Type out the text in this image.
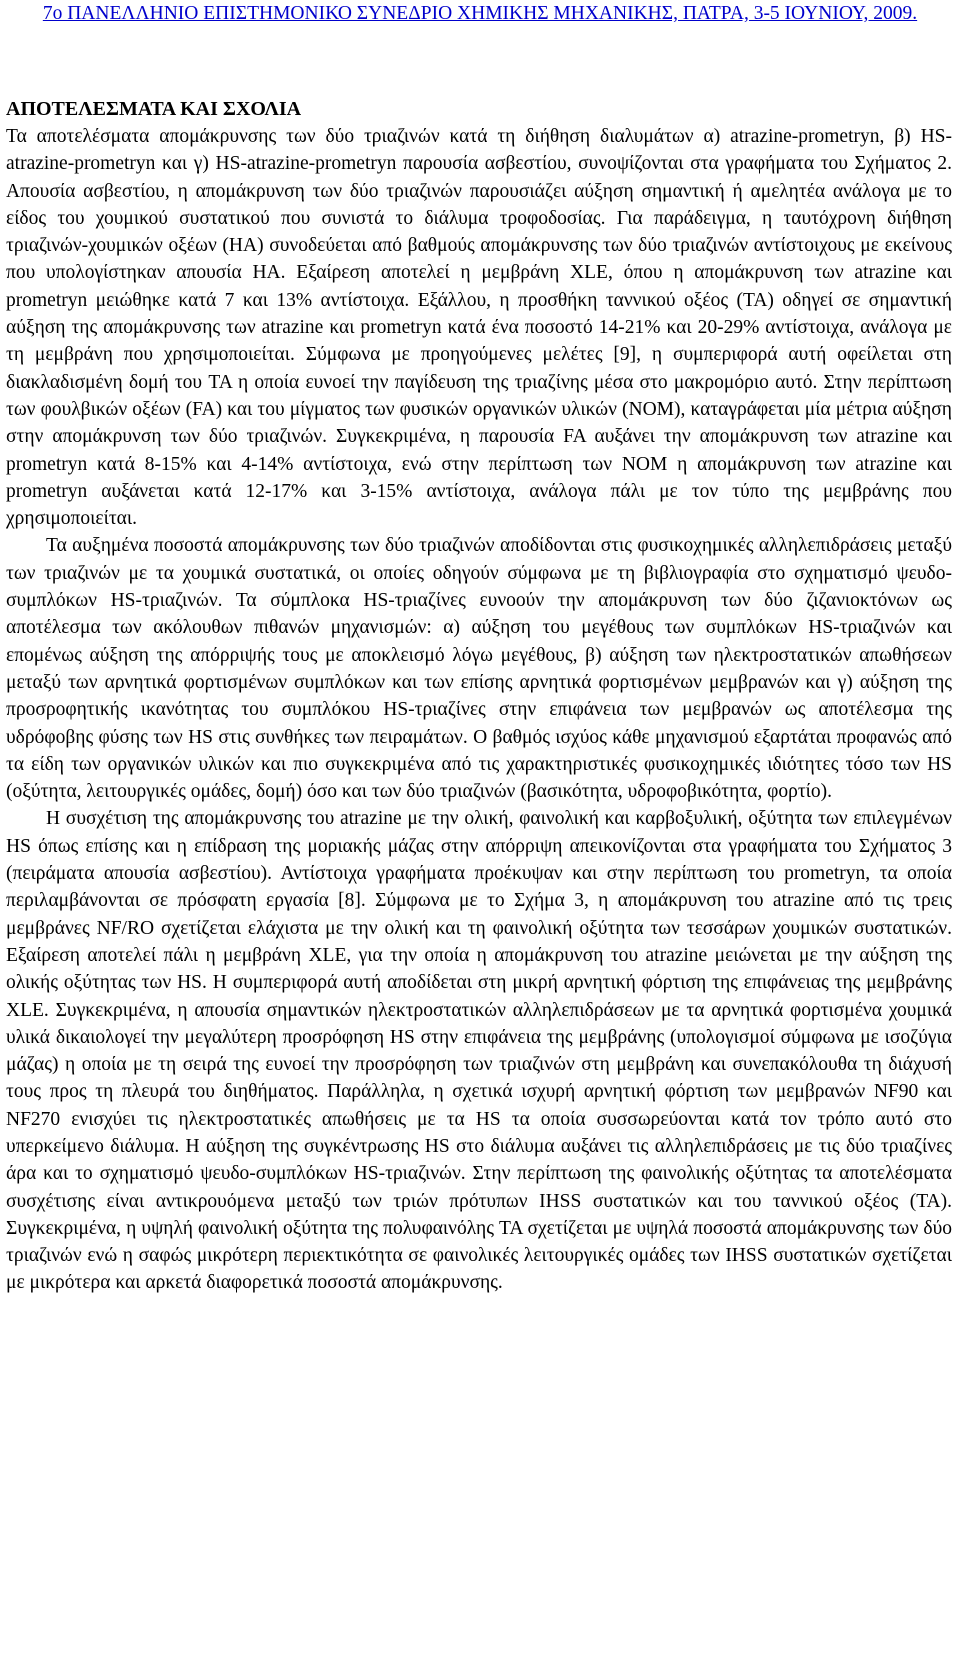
7ο ΠΑΝΕΛΛΗΝΙΟ ΕΠΙΣΤΗΜΟΝΙΚΟ ΣΥΝΕΔΡΙΟ ΧΗΜΙΚΗΣ ΜΗΧΑΝΙΚΗΣ, ΠΑΤΡΑ, 3-5 ΙΟΥΝΙΟΥ, 2009.
ΑΠΟΤΕΛΕΣΜΑΤΑ ΚΑΙ ΣΧΟΛΙΑ

Τα αποτελέσματα απομάκρυνσης των δύο τριαζινών κατά τη διήθηση διαλυμάτων α) atrazine-prometryn, β) HS-atrazine-prometryn και γ) HS-atrazine-prometryn παρουσία ασβεστίου, συνοψίζονται στα γραφήματα του Σχήματος 2. Απουσία ασβεστίου, η απομάκρυνση των δύο τριαζινών παρουσιάζει αύξηση σημαντική ή αμελητέα ανάλογα με το είδος του χουμικού συστατικού που συνιστά το διάλυμα τροφοδοσίας. Για παράδειγμα, η ταυτόχρονη διήθηση τριαζινών-χουμικών οξέων (HA) συνοδεύεται από βαθμούς απομάκρυνσης των δύο τριαζινών αντίστοιχους με εκείνους που υπολογίστηκαν απουσία HA. Εξαίρεση αποτελεί η μεμβράνη XLE, όπου η απομάκρυνση των atrazine και prometryn μειώθηκε κατά 7 και 13% αντίστοιχα. Εξάλλου, η προσθήκη ταννικού οξέος (TA) οδηγεί σε σημαντική αύξηση της απομάκρυνσης των atrazine και prometryn κατά ένα ποσοστό 14-21% και 20-29% αντίστοιχα, ανάλογα με τη μεμβράνη που χρησιμοποιείται. Σύμφωνα με προηγούμενες μελέτες [9], η συμπεριφορά αυτή οφείλεται στη διακλαδισμένη δομή του TA η οποία ευνοεί την παγίδευση της τριαζίνης μέσα στο μακρομόριο αυτό. Στην περίπτωση των φουλβικών οξέων (FA) και του μίγματος των φυσικών οργανικών υλικών (NOM), καταγράφεται μία μέτρια αύξηση στην απομάκρυνση των δύο τριαζινών. Συγκεκριμένα, η παρουσία FA αυξάνει την απομάκρυνση των atrazine και prometryn κατά 8-15% και 4-14% αντίστοιχα, ενώ στην περίπτωση των NOM η απομάκρυνση των atrazine και prometryn αυξάνεται κατά 12-17% και 3-15% αντίστοιχα, ανάλογα πάλι με τον τύπο της μεμβράνης που χρησιμοποιείται.

Τα αυξημένα ποσοστά απομάκρυνσης των δύο τριαζινών αποδίδονται στις φυσικοχημικές αλληλεπιδράσεις μεταξύ των τριαζινών με τα χουμικά συστατικά, οι οποίες οδηγούν σύμφωνα με τη βιβλιογραφία στο σχηματισμό ψευδο-συμπλόκων HS-τριαζινών. Τα σύμπλοκα HS-τριαζίνες ευνοούν την απομάκρυνση των δύο ζιζανιοκτόνων ως αποτέλεσμα των ακόλουθων πιθανών μηχανισμών: α) αύξηση του μεγέθους των συμπλόκων HS-τριαζινών και επομένως αύξηση της απόρριψής τους με αποκλεισμό λόγω μεγέθους, β) αύξηση των ηλεκτροστατικών απωθήσεων μεταξύ των αρνητικά φορτισμένων συμπλόκων και των επίσης αρνητικά φορτισμένων μεμβρανών και γ) αύξηση της προσροφητικής ικανότητας του συμπλόκου HS-τριαζίνες στην επιφάνεια των μεμβρανών ως αποτέλεσμα της υδρόφοβης φύσης των HS στις συνθήκες των πειραμάτων. Ο βαθμός ισχύος κάθε μηχανισμού εξαρτάται προφανώς από τα είδη των οργανικών υλικών και πιο συγκεκριμένα από τις χαρακτηριστικές φυσικοχημικές ιδιότητες τόσο των HS (οξύτητα, λειτουργικές ομάδες, δομή) όσο και των δύο τριαζινών (βασικότητα, υδροφοβικότητα, φορτίο).

Η συσχέτιση της απομάκρυνσης του atrazine με την ολική, φαινολική και καρβοξυλική, οξύτητα των επιλεγμένων HS όπως επίσης και η επίδραση της μοριακής μάζας στην απόρριψη απεικονίζονται στα γραφήματα του Σχήματος 3 (πειράματα απουσία ασβεστίου). Αντίστοιχα γραφήματα προέκυψαν και στην περίπτωση του prometryn, τα οποία περιλαμβάνονται σε πρόσφατη εργασία [8]. Σύμφωνα με το Σχήμα 3, η απομάκρυνση του atrazine από τις τρεις μεμβράνες NF/RO σχετίζεται ελάχιστα με την ολική και τη φαινολική οξύτητα των τεσσάρων χουμικών συστατικών. Εξαίρεση αποτελεί πάλι η μεμβράνη XLE, για την οποία η απομάκρυνση του atrazine μειώνεται με την αύξηση της ολικής οξύτητας των HS. Η συμπεριφορά αυτή αποδίδεται στη μικρή αρνητική φόρτιση της επιφάνειας της μεμβράνης XLE. Συγκεκριμένα, η απουσία σημαντικών ηλεκτροστατικών αλληλεπιδράσεων με τα αρνητικά φορτισμένα χουμικά υλικά δικαιολογεί την μεγαλύτερη προσρόφηση HS στην επιφάνεια της μεμβράνης (υπολογισμοί σύμφωνα με ισοζύγια μάζας) η οποία με τη σειρά της ευνοεί την προσρόφηση των τριαζινών στη μεμβράνη και συνεπακόλουθα τη διάχυσή τους προς τη πλευρά του διηθήματος. Παράλληλα, η σχετικά ισχυρή αρνητική φόρτιση των μεμβρανών NF90 και NF270 ενισχύει τις ηλεκτροστατικές απωθήσεις με τα HS τα οποία συσσωρεύονται κατά τον τρόπο αυτό στο υπερκείμενο διάλυμα. Η αύξηση της συγκέντρωσης HS στο διάλυμα αυξάνει τις αλληλεπιδράσεις με τις δύο τριαζίνες άρα και το σχηματισμό ψευδο-συμπλόκων HS-τριαζινών. Στην περίπτωση της φαινολικής οξύτητας τα αποτελέσματα συσχέτισης είναι αντικρουόμενα μεταξύ των τριών πρότυπων IHSS συστατικών και του ταννικού οξέος (TA). Συγκεκριμένα, η υψηλή φαινολική οξύτητα της πολυφαινόλης TA σχετίζεται με υψηλά ποσοστά απομάκρυνσης των δύο τριαζινών ενώ η σαφώς μικρότερη περιεκτικότητα σε φαινολικές λειτουργικές ομάδες των IHSS συστατικών σχετίζεται με μικρότερα και αρκετά διαφορετικά ποσοστά απομάκρυνσης.
